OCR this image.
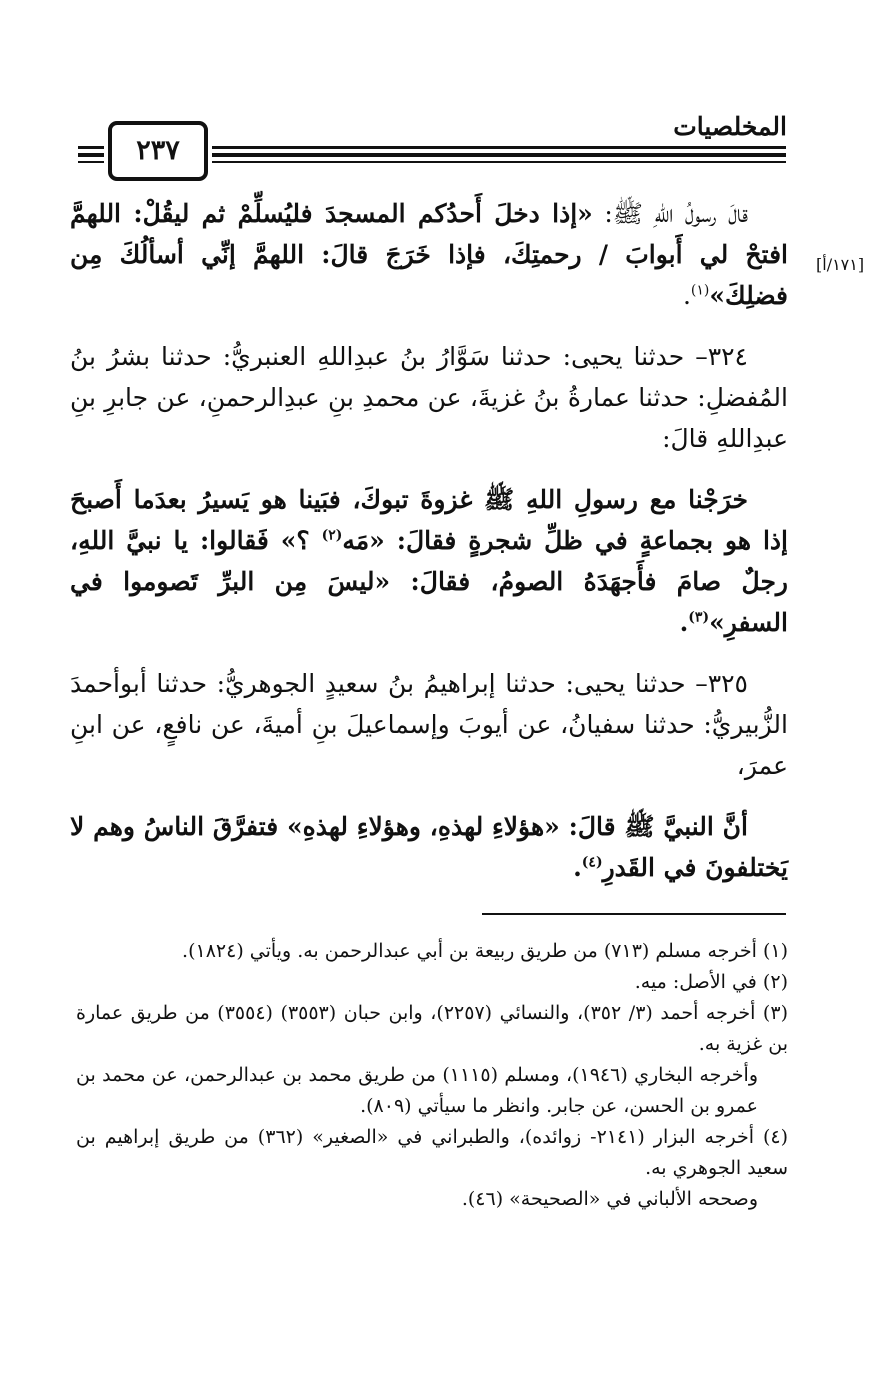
المخلصيات
٢٣٧
[١٧١/أ]

قالَ رسولُ اللهِ ﷺ: «إذا دخلَ أَحدُكم المسجدَ فليُسلِّمْ ثم ليقُلْ: اللهمَّ افتحْ لي أَبوابَ / رحمتِكَ، فإذا خَرَجَ قالَ: اللهمَّ إنِّي أسألُكَ مِن فضلِكَ»$^{(١)}$.

٣٢٤– حدثنا يحيى: حدثنا سَوَّارُ بنُ عبدِاللهِ العنبريُّ: حدثنا بشرُ بنُ المُفضلِ: حدثنا عمارةُ بنُ غزيةَ، عن محمدِ بنِ عبدِالرحمنِ، عن جابرِ بنِ عبدِاللهِ قالَ:

خرَجْنا مع رسولِ اللهِ ﷺ غزوةَ تبوكَ، فبَينا هو يَسيرُ بعدَما أَصبحَ إذا هو بجماعةٍ في ظلِّ شجرةٍ فقالَ: «مَه$^{(٢)}$ ؟» فَقالوا: يا نبيَّ اللهِ، رجلٌ صامَ فأَجهَدَهُ الصومُ، فقالَ: «ليسَ مِن البرِّ تَصوموا في السفرِ»$^{(٣)}$.

٣٢٥– حدثنا يحيى: حدثنا إبراهيمُ بنُ سعيدٍ الجوهريُّ: حدثنا أبوأحمدَ الزُّبيريُّ: حدثنا سفيانُ، عن أيوبَ وإسماعيلَ بنِ أميةَ، عن نافعٍ، عن ابنِ عمرَ،

أنَّ النبيَّ ﷺ قالَ: «هؤلاءِ لهذهِ، وهؤلاءِ لهذهِ» فتفرَّقَ الناسُ وهم لا يَختلفونَ في القَدرِ$^{(٤)}$.

(١) أخرجه مسلم (٧١٣) من طريق ربيعة بن أبي عبدالرحمن به. ويأتي (١٨٢٤).

(٢) في الأصل: ميه.

(٣) أخرجه أحمد (٣/ ٣٥٢)، والنسائي (٢٢٥٧)، وابن حبان (٣٥٥٣) (٣٥٥٤) من طريق عمارة بن غزية به.

وأخرجه البخاري (١٩٤٦)، ومسلم (١١١٥) من طريق محمد بن عبدالرحمن، عن محمد بن عمرو بن الحسن، عن جابر. وانظر ما سيأتي (٨٠٩).

(٤) أخرجه البزار (٢١٤١- زوائده)، والطبراني في «الصغير» (٣٦٢) من طريق إبراهيم بن سعيد الجوهري به.

وصححه الألباني في «الصحيحة» (٤٦).
